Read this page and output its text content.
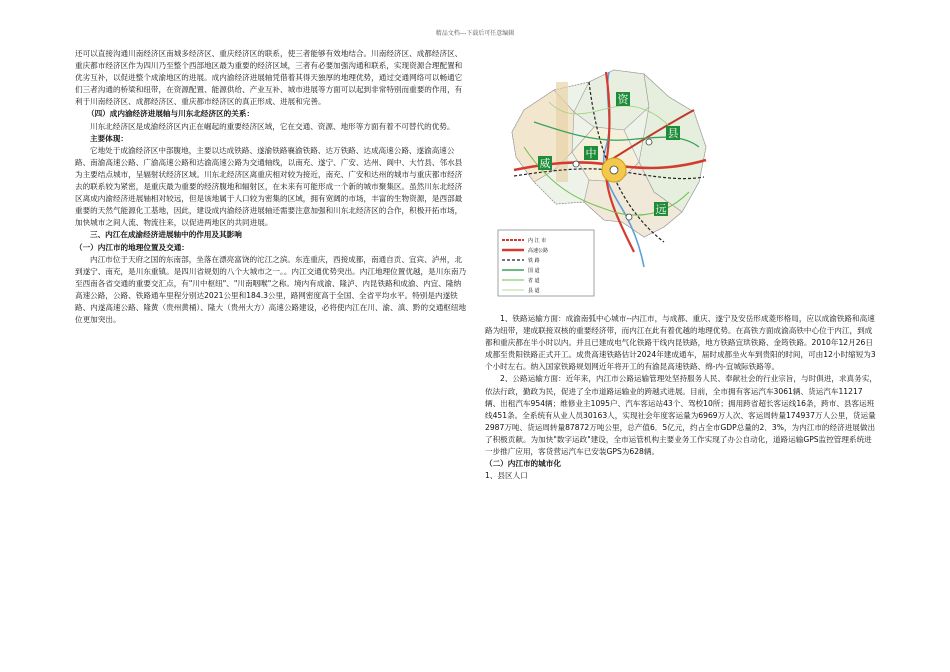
精品文档---下载后可任意编辑

还可以直接沟通川南经济区南城多经济区、重庆经济区的联系，使三者能够有效地结合。川南经济区、成都经济区、重庆都市经济区作为四川乃至整个西部地区最为重要的经济区域，三者有必要加强沟通和联系，实现资源合理配置和优劣互补，以促进整个成渝地区的进展。成内渝经济进展轴凭借着其得天独厚的地理优势，通过交通网络可以畅通它们三者沟通的桥梁和纽带，在资源配置、能源供给、产业互补、城市进展等方面可以起到非常特别而重要的作用，有利于川南经济区、成都经济区、重庆都市经济区的真正形成、进展和完善。

（四）成内渝经济进展轴与川东北经济区的关系：

川东北经济区是成渝经济区内正在崛起的重要经济区域，它在交通、资源、地形等方面有着不可替代的优势。

主要体现：

它地处于成渝经济区中部腹地，主要以达成铁路、遂渝铁路襄渝铁路、达万铁路、达成高速公路、遂渝高速公路、南渝高速公路、广渝高速公路和达渝高速公路为交通轴线，以南充、遂宁、广安、达州、阆中、大竹县、邻水县为主要结点城市，呈辐射状经济区域。川东北经济区离重庆相对较为接近，南充、广安和达州的城市与重庆都市经济去的联系较为紧密，是重庆最为重要的经济腹地和辐射区，在未来有可能形成一个新的城市聚集区。虽然川东北经济区离成内渝经济进展轴相对较远，但是该地属于人口较为密集的区域，拥有宽阔的市场，丰富的生物资源，是西部最重要的天然气能源化工基地，因此，建设成内渝经济进展轴还需要注意加强和川东北经济区的合作，积极开拓市场，加快城市之间人流、物流往来，以促进两地区的共同进展。

三、内江在成渝经济进展轴中的作用及其影响

（一）内江市的地理位置及交通：

内江市位于天府之国的东南部，坐落在漂亮富饶的沱江之滨。东连重庆，西接成都，南通自贡、宜宾、泸州，北到遂宁、南充，是川东重镇。是四川省规划的八个大城市之一。。内江交通优势突出。内江地理位置优越，是川东南乃至西南各省交通的重要交汇点，有"川中枢纽"、"川南咽喉"之称。境内有成渝、隆泸、内昆铁路和成渝、内宜、隆纳高速公路，公路、铁路通车里程分别达2021公里和184.3公里，路网密度高于全国、全省平均水平。特别是内遂铁路、内遂高速公路、隆黄（贵州黄桶）、隆大（贵州大方）高速公路建设，必将使内江在川、渝、滇、黔的交通枢纽地位更加突出。

资
中
威
县
远
内 江 市
高速公路
铁 路
国 道
省 道
县 道

1、铁路运输方面：成渝南弧中心城市--内江市，与成都、重庆、遂宁及安岳形成菱形格局，应以成渝铁路和高速路为纽带，建成联接双核的重要经济带，而内江在此有着优越的地理优势。在高铁方面成渝高铁中心位于内江，到成都和重庆都在半小时以内。并且已建成电气化铁路干线内昆铁路，地方铁路宜珙铁路、金筠铁路。2010年12月26日成都至贵阳铁路正式开工。成贵高速铁路估计2024年建成通车，届时成都坐火车到贵阳的时间，可由12小时缩短为3个小时左右。纳入国家铁路规划网近年将开工的有渝昆高速铁路、绵-内-宜城际铁路等。

2、公路运输方面：近年来，内江市公路运输管理处坚持服务人民、奉献社会的行业宗旨，与时俱进，求真务实，依法行政，勤政为民，促进了全市道路运输业的跨越式进展。目前，全市拥有客运汽车3061辆、货运汽车11217辆、出租汽车954辆；维修业主1095户、汽车客运站43个、驾校10所；拥用跨省超长客运线16条，跨市、县客运班线451条。全系统有从业人员30163人，实现社会年度客运量为6969万人次、客运周转量174937万人公里，货运量2987万吨、货运周转量87872万吨公里，总产值6．5亿元，约占全市GDP总量的2．3%，为内江市的经济进展做出了积极贡献。为加快"数字运政"建设，全市运管机构主要业务工作实现了办公自动化，道路运输GPS监控管理系统进一步推广应用，客货营运汽车已安装GPS为628辆。

（二）内江市的城市化

1、县区人口
